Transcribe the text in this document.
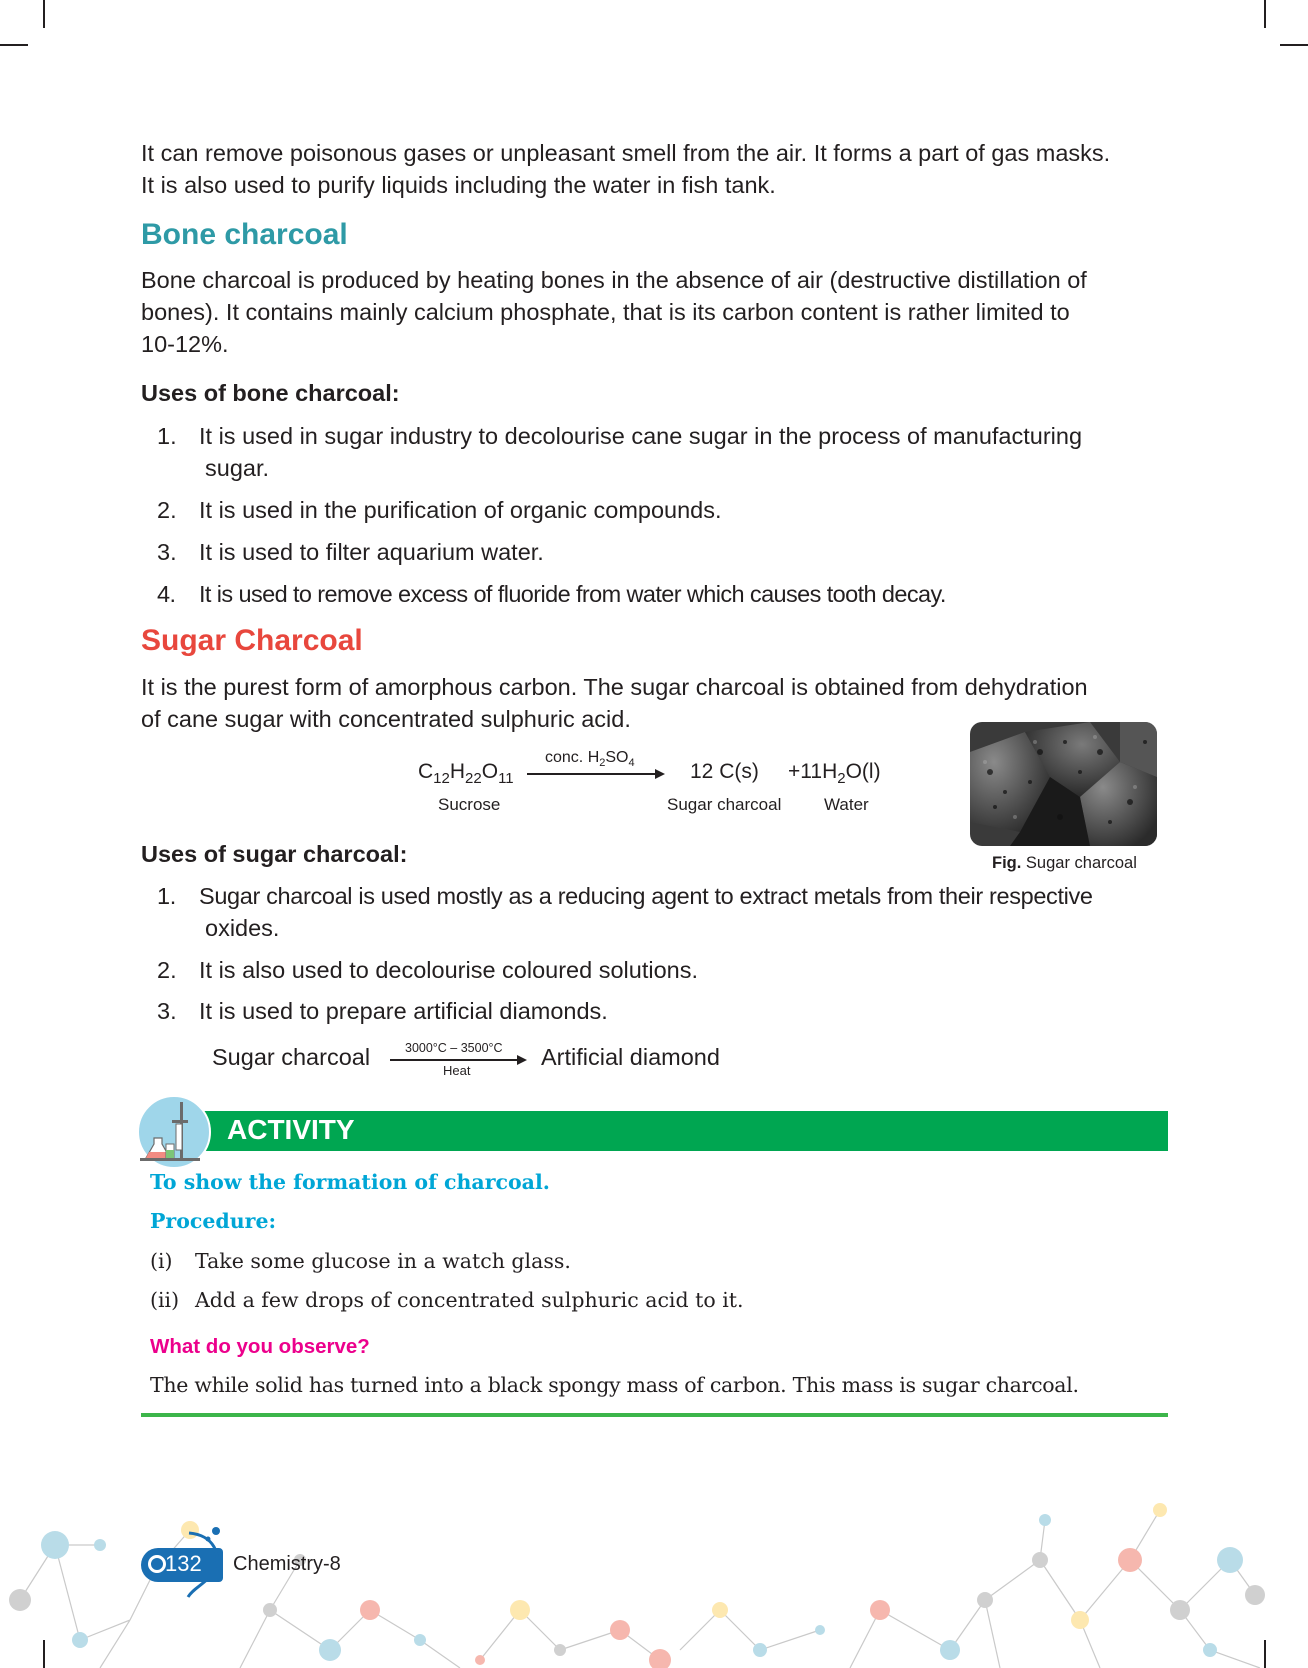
It can remove poisonous gases or unpleasant smell from the air. It forms a part of gas masks.
It is also used to purify liquids including the water in fish tank.
Bone charcoal
Bone charcoal is produced by heating bones in the absence of air (destructive distillation of
bones). It contains mainly calcium phosphate, that is its carbon content is rather limited to
10-12%.
Uses of bone charcoal:
1. It is used in sugar industry to decolourise cane sugar in the process of manufacturing
sugar.
2. It is used in the purification of organic compounds.
3. It is used to filter aquarium water.
4. It is used to remove excess of fluoride from water which causes tooth decay.
Sugar Charcoal
It is the purest form of amorphous carbon. The sugar charcoal is obtained from dehydration
of cane sugar with concentrated sulphuric acid.
$C_{12}H_{22}O_{11}$
conc. $H_2SO_4$	12 $C(s) +11H_2O(l)$
Sucrose	Sugar charcoal	Water
Fig. Sugar charcoal
Uses of sugar charcoal:
1. Sugar charcoal is used mostly as a reducing agent to extract metals from their respective
oxides.
2. It is also used to decolourise coloured solutions.
3. It is used to prepare artificial diamonds.
Sugar charcoal	3000°C – 3500°C
Heat
Artificial diamond
ACTIVITY
To show the formation of charcoal.
Procedure:
(i) Take some glucose in a watch glass.
(ii) Add a few drops of concentrated sulphuric acid to it.
What do you observe?
The while solid has turned into a black spongy mass of carbon. This mass is sugar charcoal.
132 Chemistry-8
